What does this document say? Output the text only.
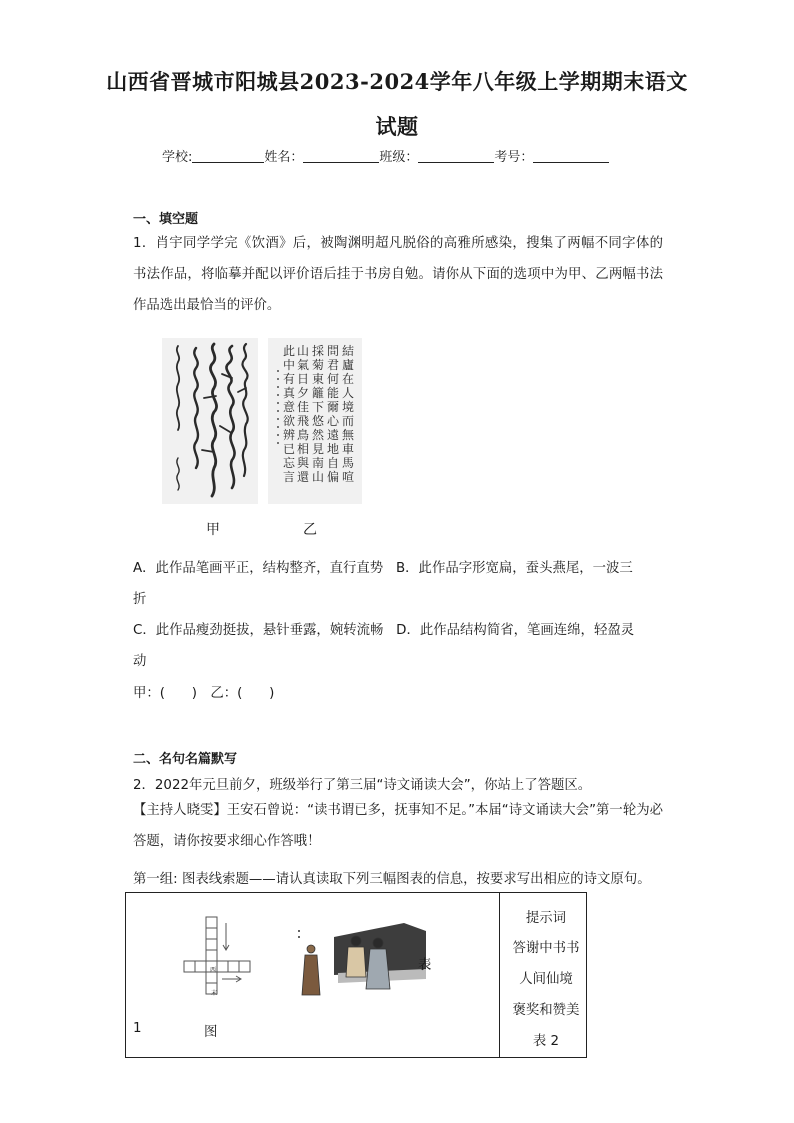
山西省晋城市阳城县2023-2024学年八年级上学期期末语文
试题
学校:	姓名：	班级：	考号：
一、填空题
1．肖宇同学学完《饮酒》后，被陶渊明超凡脱俗的高雅所感染，搜集了两幅不同字体的书法作品，将临摹并配以评价语后挂于书房自勉。请你从下面的选项中为甲、乙两幅书法作品选出最恰当的评价。
結廬在人境而無車馬喧
問君何能爾心遠地自偏
採菊東籬下悠然見南山
山氣日夕佳飛鳥相與還
此中有真意欲辨已忘言
甲	乙
A．此作品笔画平正，结构整齐，直行直势 B．此作品字形宽扁，蚕头燕尾，一波三
折
C．此作品瘦劲挺拔，悬针垂露，婉转流畅 D．此作品结构简省，笔画连绵，轻盈灵
动
甲：(　　)　乙：(　　)
二、名句名篇默写
2．2022年元旦前夕，班级举行了第三届“诗文诵读大会”，你站上了答题区。
【主持人晓雯】王安石曾说：“读书谓已多，抚事知不足。”本届“诗文诵读大会”第一轮为必答题，请你按要求细心作答哦！
第一组: 图表线索题——请认真读取下列三幅图表的信息，按要求写出相应的诗文原句。
西
末
表
1	图
提示词
答谢中书书
人间仙境
褒奖和赞美
表 2
